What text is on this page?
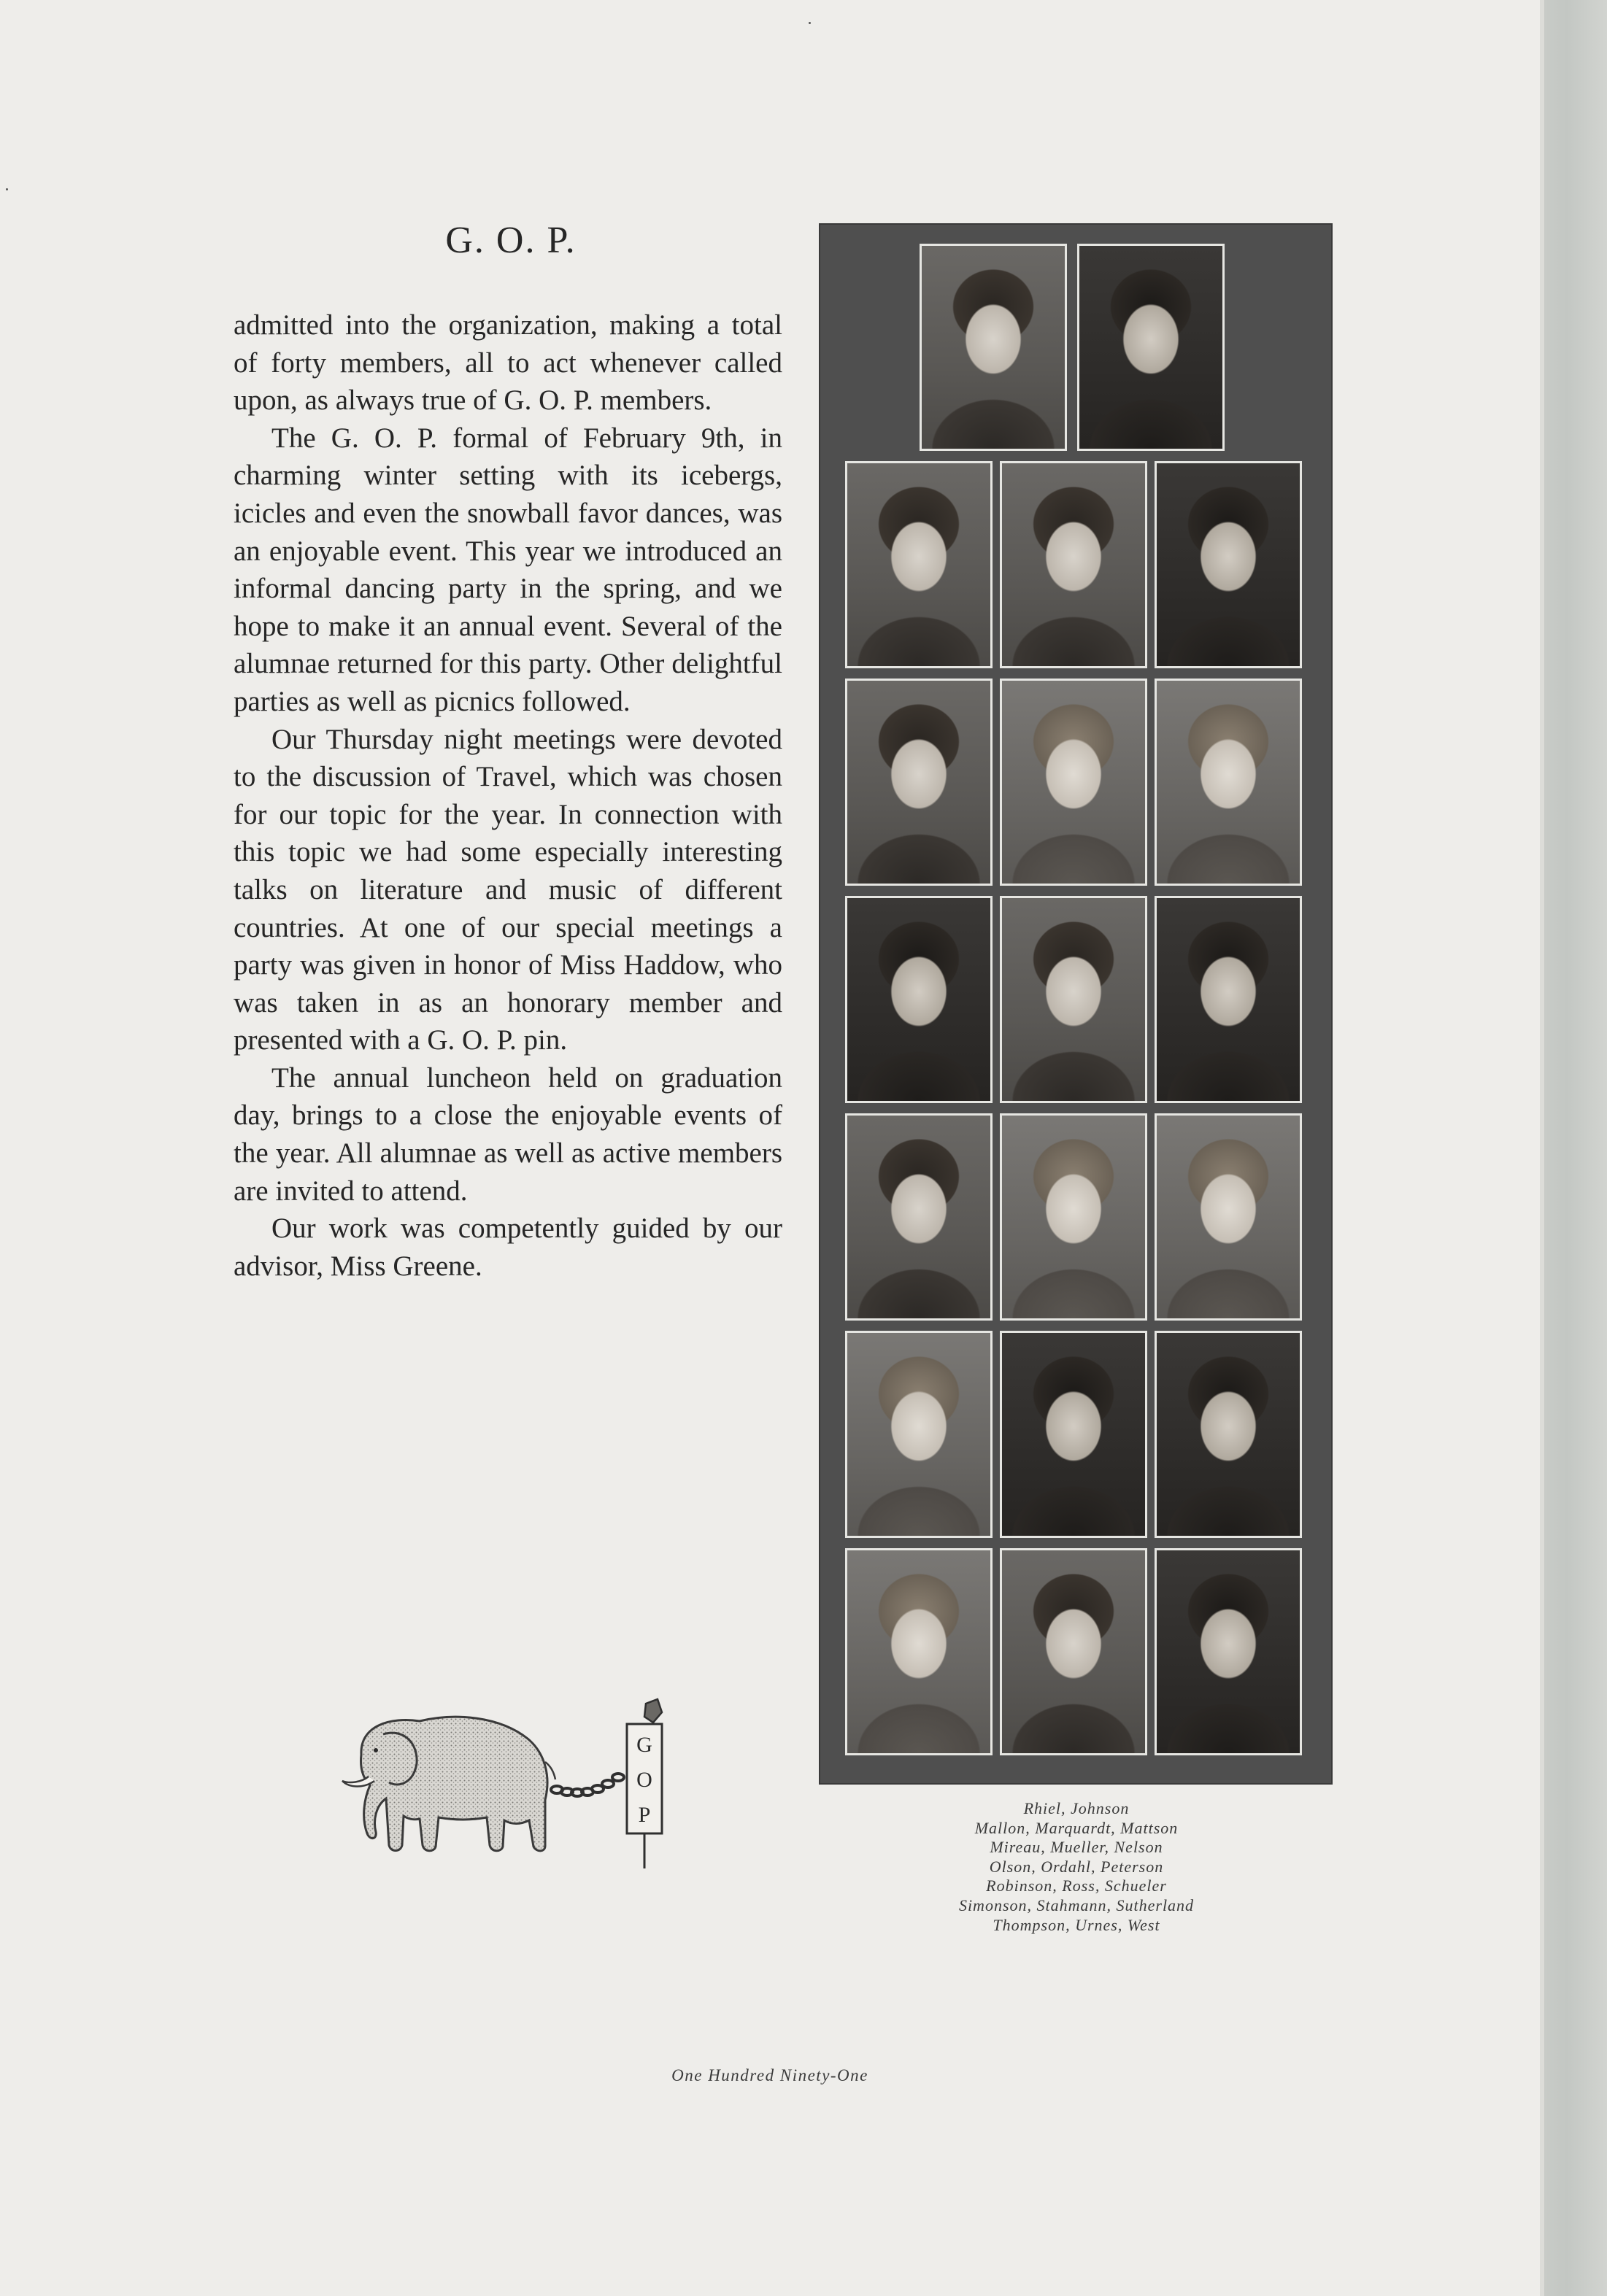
G. O. P.

admitted into the organization, making a total of forty members, all to act whenever called upon, as always true of G. O. P. members.

The G. O. P. formal of February 9th, in charming winter setting with its icebergs, icicles and even the snowball favor dances, was an enjoyable event. This year we introduced an informal dancing party in the spring, and we hope to make it an annual event. Several of the alumnae returned for this party. Other delightful parties as well as picnics followed.

Our Thursday night meetings were devoted to the discussion of Travel, which was chosen for our topic for the year. In connection with this topic we had some especially interesting talks on literature and music of different countries. At one of our special meetings a party was given in honor of Miss Haddow, who was taken in as an honorary member and presented with a G. O. P. pin.

The annual luncheon held on graduation day, brings to a close the enjoyable events of the year. All alumnae as well as active members are invited to attend.

Our work was competently guided by our advisor, Miss Greene.

Rhiel, Johnson
Mallon, Marquardt, Mattson
Mireau, Mueller, Nelson
Olson, Ordahl, Peterson
Robinson, Ross, Schueler
Simonson, Stahmann, Sutherland
Thompson, Urnes, West
G
O
P
One Hundred Ninety-One
